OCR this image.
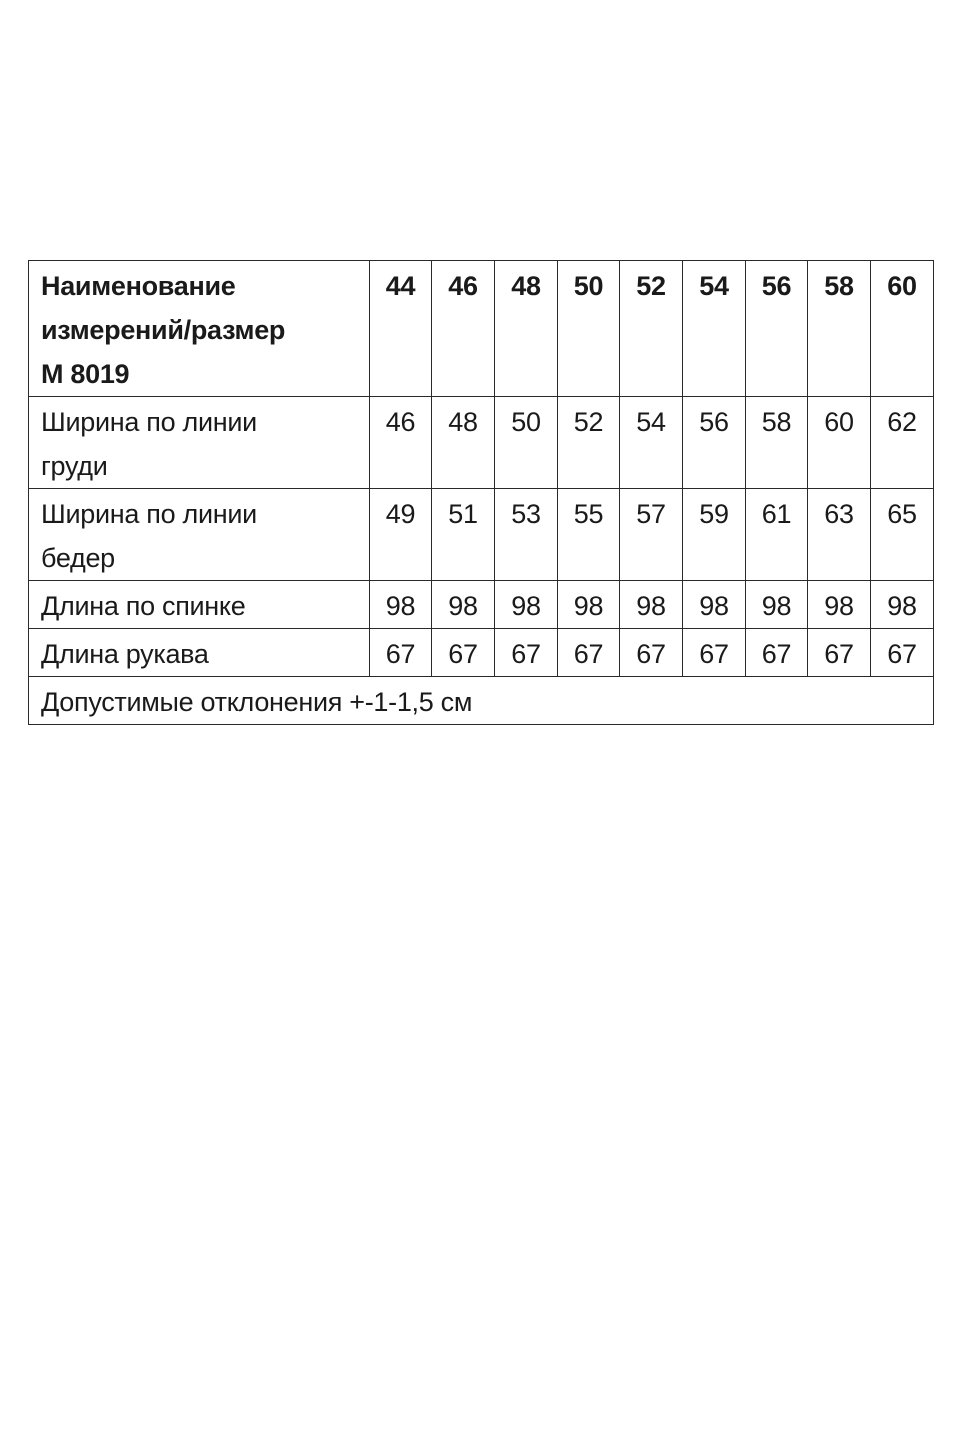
Наименование
измерений/размер
М 8019	44	46	48	50	52	54	56	58	60

Ширина по линии
груди	46	48	50	52	54	56	58	60	62

Ширина по линии
бедер	49	51	53	55	57	59	61	63	65
Длина по спинке	98	98	98	98	98	98	98	98	98
Длина рукава	67	67	67	67	67	67	67	67	67
Допустимые отклонения +-1-1,5 см									
